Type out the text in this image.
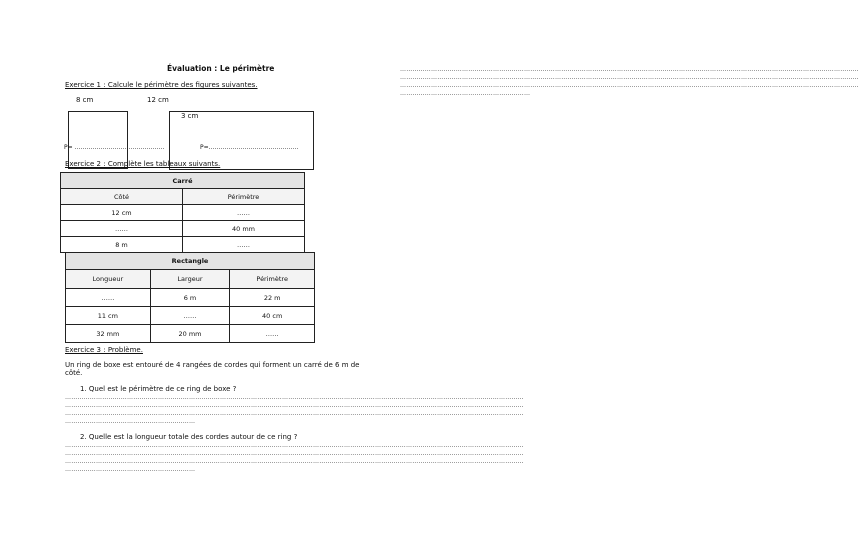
Évaluation : Le périmètre
Exercice 1 : Calcule le périmètre des figures suivantes.
8 cm	12 cm
3 cm
P= ………………………………………	P=………………………………………
Exercice 2 : Complète les tableaux suivants.
Carré	
Côté	Périmètre
12 cm	……
……	40 mm
8 m	……
Rectangle		
Longueur	Largeur	Périmètre
……	6 m	22 m
11 cm	……	40 cm
32 mm	20 mm	……
Exercice 3 : Problème.
Un ring de boxe est entouré de 4 rangées de cordes qui forment un carré de 6 m de
côté.
1. Quel est le périmètre de ce ring de boxe ?
……………………………………………………………………………………………………………………………………………………………………………………………………
……………………………………………………………………………………………………………………………………………………………………………………………………
……………………………………………………………………………………………………………………………………………………………………………………………………
………………………………………………………
2. Quelle est la longueur totale des cordes autour de ce ring ?
……………………………………………………………………………………………………………………………………………………………………………………………………
……………………………………………………………………………………………………………………………………………………………………………………………………
……………………………………………………………………………………………………………………………………………………………………………………………………
………………………………………………………
……………………………………………………………………………………………………………………………………………………………………………………………………
……………………………………………………………………………………………………………………………………………………………………………………………………
……………………………………………………………………………………………………………………………………………………………………………………………………
………………………………………………………
